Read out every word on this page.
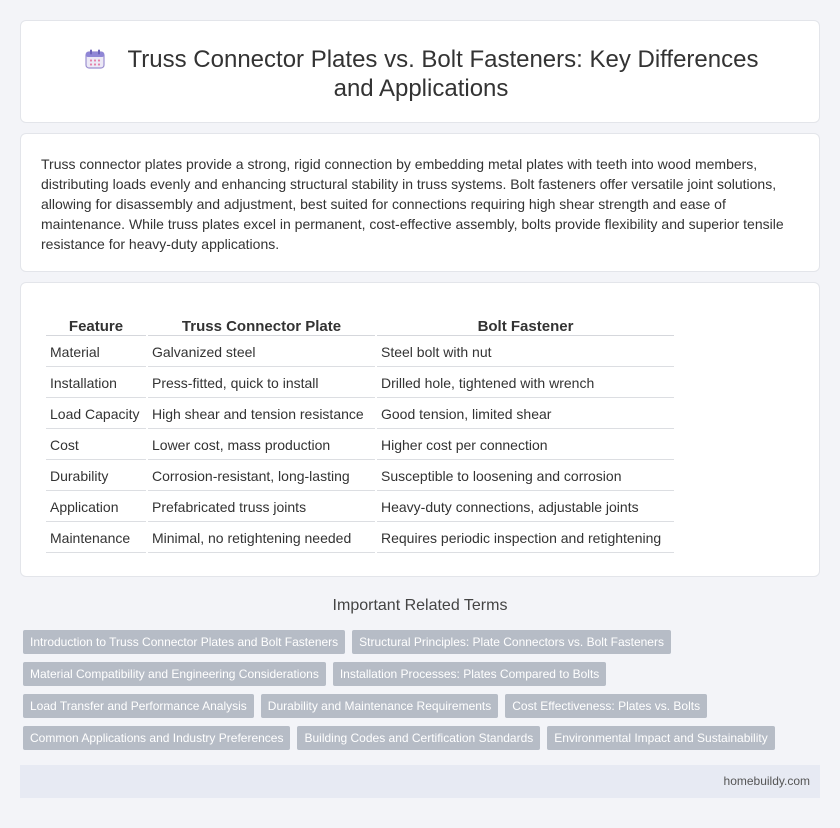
Truss Connector Plates vs. Bolt Fasteners: Key Differences and Applications

Truss connector plates provide a strong, rigid connection by embedding metal plates with teeth into wood members, distributing loads evenly and enhancing structural stability in truss systems. Bolt fasteners offer versatile joint solutions, allowing for disassembly and adjustment, best suited for connections requiring high shear strength and ease of maintenance. While truss plates excel in permanent, cost-effective assembly, bolts provide flexibility and superior tensile resistance for heavy-duty applications.

Feature	Truss Connector Plate	Bolt Fastener
Material	Galvanized steel	Steel bolt with nut
Installation	Press-fitted, quick to install	Drilled hole, tightened with wrench
Load Capacity	High shear and tension resistance	Good tension, limited shear
Cost	Lower cost, mass production	Higher cost per connection
Durability	Corrosion-resistant, long-lasting	Susceptible to loosening and corrosion
Application	Prefabricated truss joints	Heavy-duty connections, adjustable joints
Maintenance	Minimal, no retightening needed	Requires periodic inspection and retightening
Important Related Terms
Introduction to Truss Connector Plates and Bolt Fasteners	Structural Principles: Plate Connectors vs. Bolt Fasteners
Material Compatibility and Engineering Considerations	Installation Processes: Plates Compared to Bolts
Load Transfer and Performance Analysis	Durability and Maintenance Requirements	Cost Effectiveness: Plates vs. Bolts
Common Applications and Industry Preferences	Building Codes and Certification Standards	Environmental Impact and Sustainability
homebuildy.com
